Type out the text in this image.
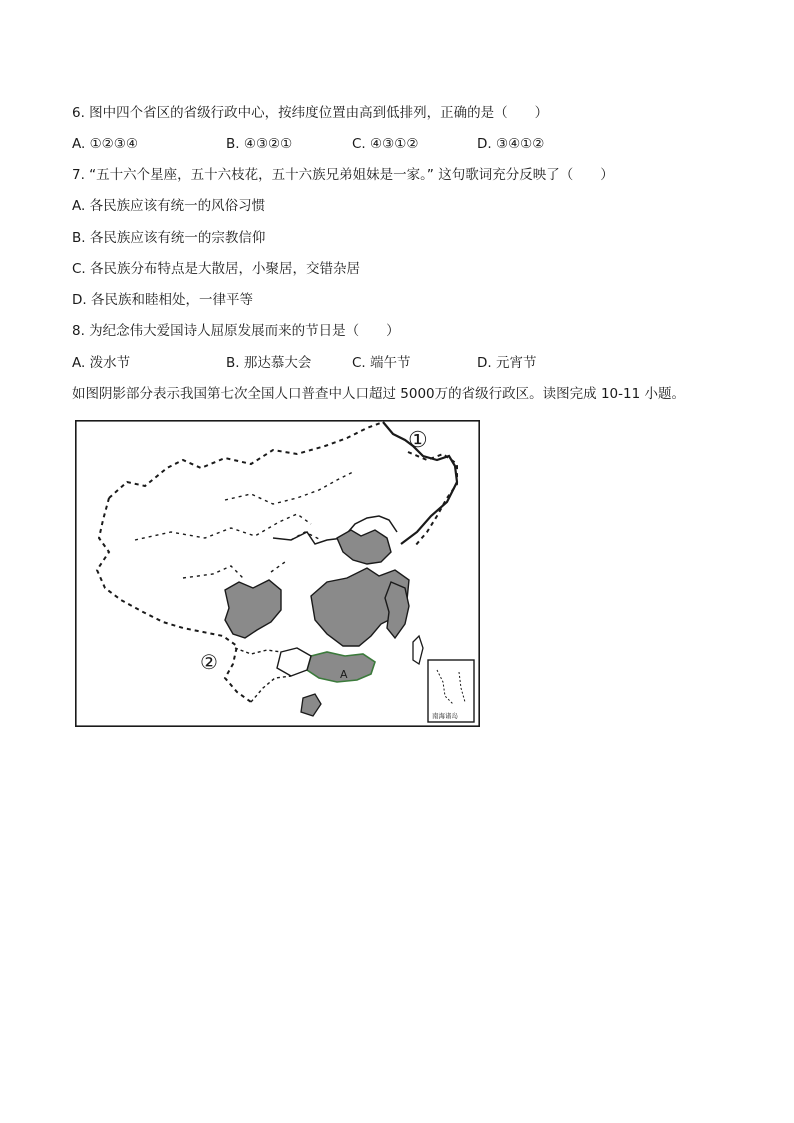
6. 图中四个省区的省级行政中心，按纬度位置由高到低排列，正确的是（　　）
A. ①②③④	B. ④③②①	C. ④③①②	D. ③④①②
7. “五十六个星座，五十六枝花，五十六族兄弟姐妹是一家。” 这句歌词充分反映了（　　）
A. 各民族应该有统一的风俗习惯
B. 各民族应该有统一的宗教信仰
C. 各民族分布特点是大散居，小聚居，交错杂居
D. 各民族和睦相处，一律平等
8. 为纪念伟大爱国诗人屈原发展而来的节日是（　　）
A. 泼水节	B. 那达慕大会	C. 端午节	D. 元宵节
如图阴影部分表示我国第七次全国人口普查中人口超过 5000万的省级行政区。读图完成 10-11 小题。
①
②
A
南海诸岛
